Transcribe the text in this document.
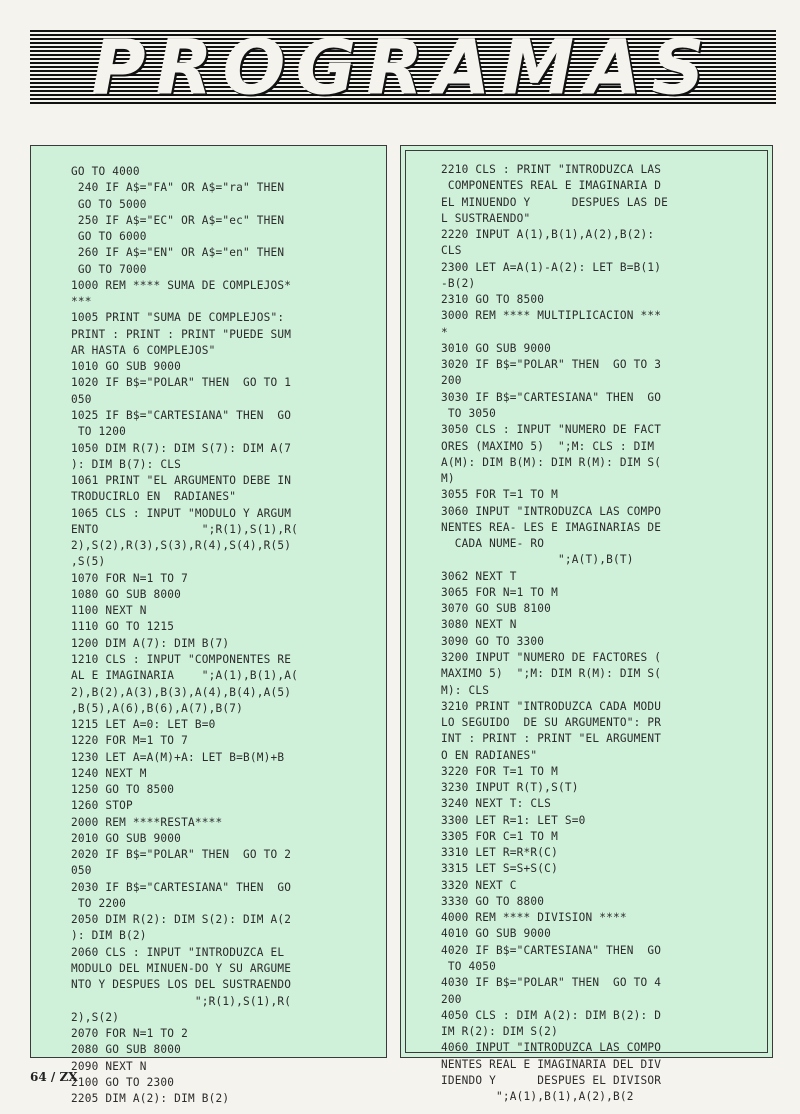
PROGRAMAS
GO TO 4000
240 IF A$="FA" OR A$="ra" THEN
GO TO 5000
250 IF A$="EC" OR A$="ec" THEN
GO TO 6000
260 IF A$="EN" OR A$="en" THEN
GO TO 7000
1000 REM **** SUMA DE COMPLEJOS*
***
1005 PRINT "SUMA DE COMPLEJOS":
PRINT : PRINT : PRINT "PUEDE SUM
AR HASTA 6 COMPLEJOS"
1010 GO SUB 9000
1020 IF B$="POLAR" THEN  GO TO 1
050
1025 IF B$="CARTESIANA" THEN  GO
TO 1200
1050 DIM R(7): DIM S(7): DIM A(7
): DIM B(7): CLS
1061 PRINT "EL ARGUMENTO DEBE IN
TRODUCIRLO EN  RADIANES"
1065 CLS : INPUT "MODULO Y ARGUM
ENTO               ";R(1),S(1),R(
2),S(2),R(3),S(3),R(4),S(4),R(5)
,S(5)
1070 FOR N=1 TO 7
1080 GO SUB 8000
1100 NEXT N
1110 GO TO 1215
1200 DIM A(7): DIM B(7)
1210 CLS : INPUT "COMPONENTES RE
AL E IMAGINARIA    ";A(1),B(1),A(
2),B(2),A(3),B(3),A(4),B(4),A(5)
,B(5),A(6),B(6),A(7),B(7)
1215 LET A=0: LET B=0
1220 FOR M=1 TO 7
1230 LET A=A(M)+A: LET B=B(M)+B
1240 NEXT M
1250 GO TO 8500
1260 STOP
2000 REM ****RESTA****
2010 GO SUB 9000
2020 IF B$="POLAR" THEN  GO TO 2
050
2030 IF B$="CARTESIANA" THEN  GO
TO 2200
2050 DIM R(2): DIM S(2): DIM A(2
): DIM B(2)
2060 CLS : INPUT "INTRODUZCA EL
MODULO DEL MINUEN-DO Y SU ARGUME
NTO Y DESPUES LOS DEL SUSTRAENDO
";R(1),S(1),R(
2),S(2)
2070 FOR N=1 TO 2
2080 GO SUB 8000
2090 NEXT N
2100 GO TO 2300
2205 DIM A(2): DIM B(2)
2210 CLS : PRINT "INTRODUZCA LAS
COMPONENTES REAL E IMAGINARIA D
EL MINUENDO Y      DESPUES LAS DE
L SUSTRAENDO"
2220 INPUT A(1),B(1),A(2),B(2):
CLS
2300 LET A=A(1)-A(2): LET B=B(1)
-B(2)
2310 GO TO 8500
3000 REM **** MULTIPLICACION ***
*
3010 GO SUB 9000
3020 IF B$="POLAR" THEN  GO TO 3
200
3030 IF B$="CARTESIANA" THEN  GO
TO 3050
3050 CLS : INPUT "NUMERO DE FACT
ORES (MAXIMO 5)  ";M: CLS : DIM
A(M): DIM B(M): DIM R(M): DIM S(
M)
3055 FOR T=1 TO M
3060 INPUT "INTRODUZCA LAS COMPO
NENTES REA- LES E IMAGINARIAS DE
CADA NUME- RO
";A(T),B(T)
3062 NEXT T
3065 FOR N=1 TO M
3070 GO SUB 8100
3080 NEXT N
3090 GO TO 3300
3200 INPUT "NUMERO DE FACTORES (
MAXIMO 5)  ";M: DIM R(M): DIM S(
M): CLS
3210 PRINT "INTRODUZCA CADA MODU
LO SEGUIDO  DE SU ARGUMENTO": PR
INT : PRINT : PRINT "EL ARGUMENT
O EN RADIANES"
3220 FOR T=1 TO M
3230 INPUT R(T),S(T)
3240 NEXT T: CLS
3300 LET R=1: LET S=0
3305 FOR C=1 TO M
3310 LET R=R*R(C)
3315 LET S=S+S(C)
3320 NEXT C
3330 GO TO 8800
4000 REM **** DIVISION ****
4010 GO SUB 9000
4020 IF B$="CARTESIANA" THEN  GO
TO 4050
4030 IF B$="POLAR" THEN  GO TO 4
200
4050 CLS : DIM A(2): DIM B(2): D
IM R(2): DIM S(2)
4060 INPUT "INTRODUZCA LAS COMPO
NENTES REAL E IMAGINARIA DEL DIV
IDENDO Y      DESPUES EL DIVISOR
";A(1),B(1),A(2),B(2
64 / ZX
